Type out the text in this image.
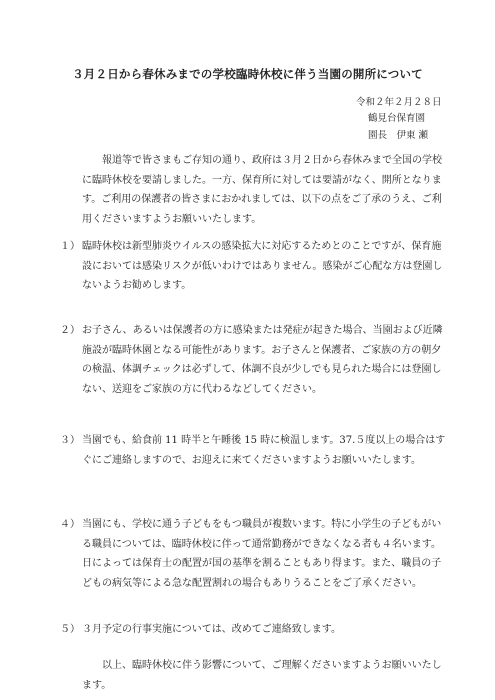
３月２日から春休みまでの学校臨時休校に伴う当園の開所について
令和２年２月２８日
鶴見台保育園
園長　伊東 瀬

報道等で皆さまもご存知の通り、政府は３月２日から春休みまで全国の学校に臨時休校を要請しました。一方、保育所に対しては要請がなく、開所となります。ご利用の保護者の皆さまにおかれましては、以下の点をご了承のうえ、ご利用くださいますようお願いいたします。

１） 臨時休校は新型肺炎ウイルスの感染拡大に対応するためとのことですが、保育施設においては感染リスクが低いわけではありません。感染がご心配な方は登園しないようお勧めします。
２） お子さん、あるいは保護者の方に感染または発症が起きた場合、当園および近隣施設が臨時休園となる可能性があります。お子さんと保護者、ご家族の方の朝夕の検温、体調チェックは必ずして、体調不良が少しでも見られた場合には登園しない、送迎をご家族の方に代わるなどしてください。
３） 当園でも、給食前 11 時半と午睡後 15 時に検温します。37.５度以上の場合はすぐにご連絡しますので、お迎えに来てくださいますようお願いいたします。
４） 当園にも、学校に通う子どもをもつ職員が複数います。特に小学生の子どもがいる職員については、臨時休校に伴って通常勤務ができなくなる者も４名います。日によっては保育士の配置が国の基準を割ることもあり得ます。また、職員の子どもの病気等による急な配置割れの場合もありうることをご了承ください。
５） ３月予定の行事実施については、改めてご連絡致します。

以上、臨時休校に伴う影響について、ご理解くださいますようお願いいたします。
